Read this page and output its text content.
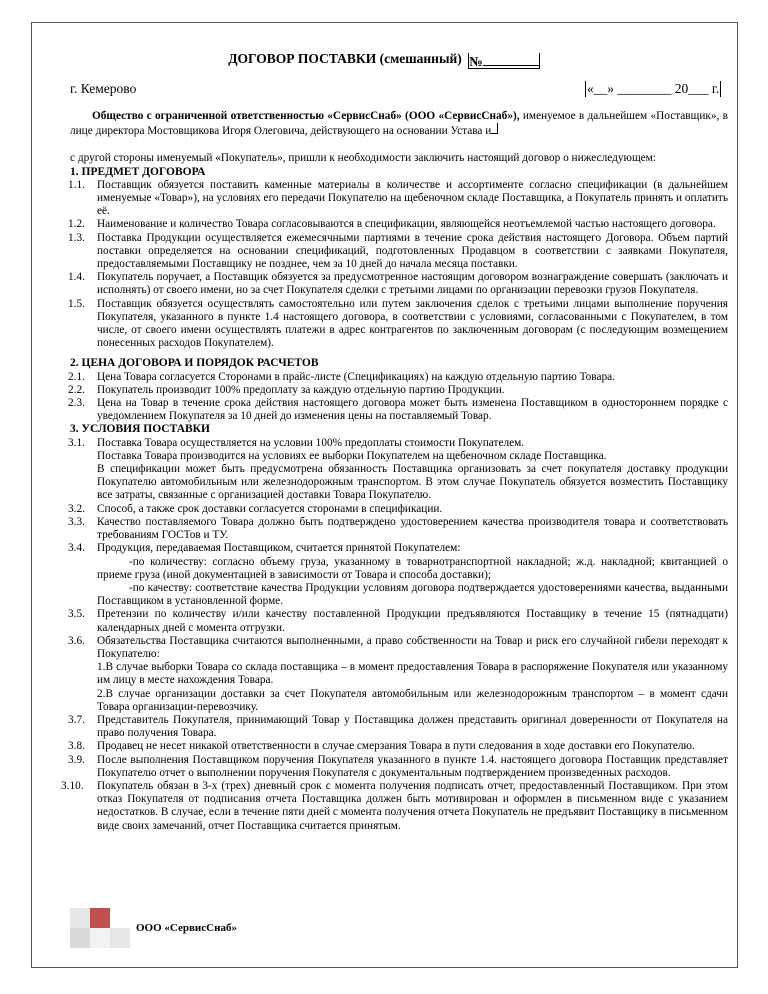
ДОГОВОР ПОСТАВКИ (смешанный) №
г. Кемерово	«__» ________ 20___ г.

Общество с ограниченной ответственностью «СервисСнаб» (ООО «СервисСнаб»), именуемое в дальнейшем «Поставщик», в лице директора Мостовщикова Игоря Олеговича, действующего на основании Устава и

с другой стороны именуемый «Покупатель», пришли к необходимости заключить настоящий договор о нижеследующем:

1. ПРЕДМЕТ ДОГОВОРА

1.1. Поставщик обязуется поставить каменные материалы в количестве и ассортименте согласно спецификации (в дальнейшем именуемые «Товар»), на условиях его передачи Покупателю на щебеночном складе Поставщика, а Покупатель принять и оплатить её.
1.2. Наименование и количество Товара согласовываются в спецификации, являющейся неотъемлемой частью настоящего договора.
1.3. Поставка Продукции осуществляется ежемесячными партиями в течение срока действия настоящего Договора. Объем партий поставки определяется на основании спецификаций, подготовленных Продавцом в соответствии с заявками Покупателя, предоставляемыми Поставщику не позднее, чем за 10 дней до начала месяца поставки.
1.4. Покупатель поручает, а Поставщик обязуется за предусмотренное настоящим договором вознаграждение совершать (заключать и исполнять) от своего имени, но за счет Покупателя сделки с третьими лицами по организации перевозки грузов Покупателя.
1.5. Поставщик обязуется осуществлять самостоятельно или путем заключения сделок с третьими лицами выполнение поручения Покупателя, указанного в пункте 1.4 настоящего договора, в соответствии с условиями, согласованными с Покупателем, в том числе, от своего имени осуществлять платежи в адрес контрагентов по заключенным договорам (с последующим возмещением понесенных расходов Покупателем).

2. ЦЕНА ДОГОВОРА И ПОРЯДОК РАСЧЕТОВ

2.1. Цена Товара согласуется Сторонами в прайс-листе (Спецификациях) на каждую отдельную партию Товара.
2.2. Покупатель производит 100% предоплату за каждую отдельную партию Продукции.
2.3. Цена на Товар в течение срока действия настоящего договора может быть изменена Поставщиком в одностороннем порядке с уведомлением Покупателя за 10 дней до изменения цены на поставляемый Товар.

3. УСЛОВИЯ ПОСТАВКИ

3.1. Поставка Товара осуществляется на условии 100% предоплаты стоимости Покупателем.
Поставка Товара производится на условиях ее выборки Покупателем на щебеночном складе Поставщика.
В спецификации может быть предусмотрена обязанность Поставщика организовать за счет покупателя доставку продукции Покупателю автомобильным или железнодорожным транспортом. В этом случае Покупатель обязуется возместить Поставщику все затраты, связанные с организацией доставки Товара Покупателю.
3.2. Способ, а также срок доставки согласуется сторонами в спецификации.
3.3. Качество поставляемого Товара должно быть подтверждено удостоверением качества производителя товара и соответствовать требованиям ГОСТов и ТУ.
3.4. Продукция, передаваемая Поставщиком, считается принятой Покупателем:
-по количеству: согласно объему груза, указанному в товарнотранспортной накладной; ж.д. накладной; квитанцией о приеме груза (иной документацией в зависимости от Товара и способа доставки);
-по качеству: соответствие качества Продукции условиям договора подтверждается удостоверениями качества, выданными Поставщиком в установленной форме.
3.5. Претензии по количеству и/или качеству поставленной Продукции предъявляются Поставщику в течение 15 (пятнадцати) календарных дней с момента отгрузки.
3.6. Обязательства Поставщика считаются выполненными, а право собственности на Товар и риск его случайной гибели переходят к Покупателю:
1.В случае выборки Товара со склада поставщика – в момент предоставления Товара в распоряжение Покупателя или указанному им лицу в месте нахождения Товара.
2.В случае организации доставки за счет Покупателя автомобильным или железнодорожным транспортом – в момент сдачи Товара организации-перевозчику.
3.7. Представитель Покупателя, принимающий Товар у Поставщика должен представить оригинал доверенности от Покупателя на право получения Товара.
3.8. Продавец не несет никакой ответственности в случае смерзания Товара в пути следования в ходе доставки его Покупателю.
3.9. После выполнения Поставщиком поручения Покупателя указанного в пункте 1.4. настоящего договора Поставщик представляет Покупателю отчет о выполнении поручения Покупателя с документальным подтверждением произведенных расходов.
3.10. Покупатель обязан в 3-х (трех) дневный срок с момента получения подписать отчет, предоставленный Поставщиком. При этом отказ Покупателя от подписания отчета Поставщика должен быть мотивирован и оформлен в письменном виде с указанием недостатков. В случае, если в течение пяти дней с момента получения отчета Покупатель не предъявит Поставщику в письменном виде своих замечаний, отчет Поставщика считается принятым.
ООО «СервисСнаб»
